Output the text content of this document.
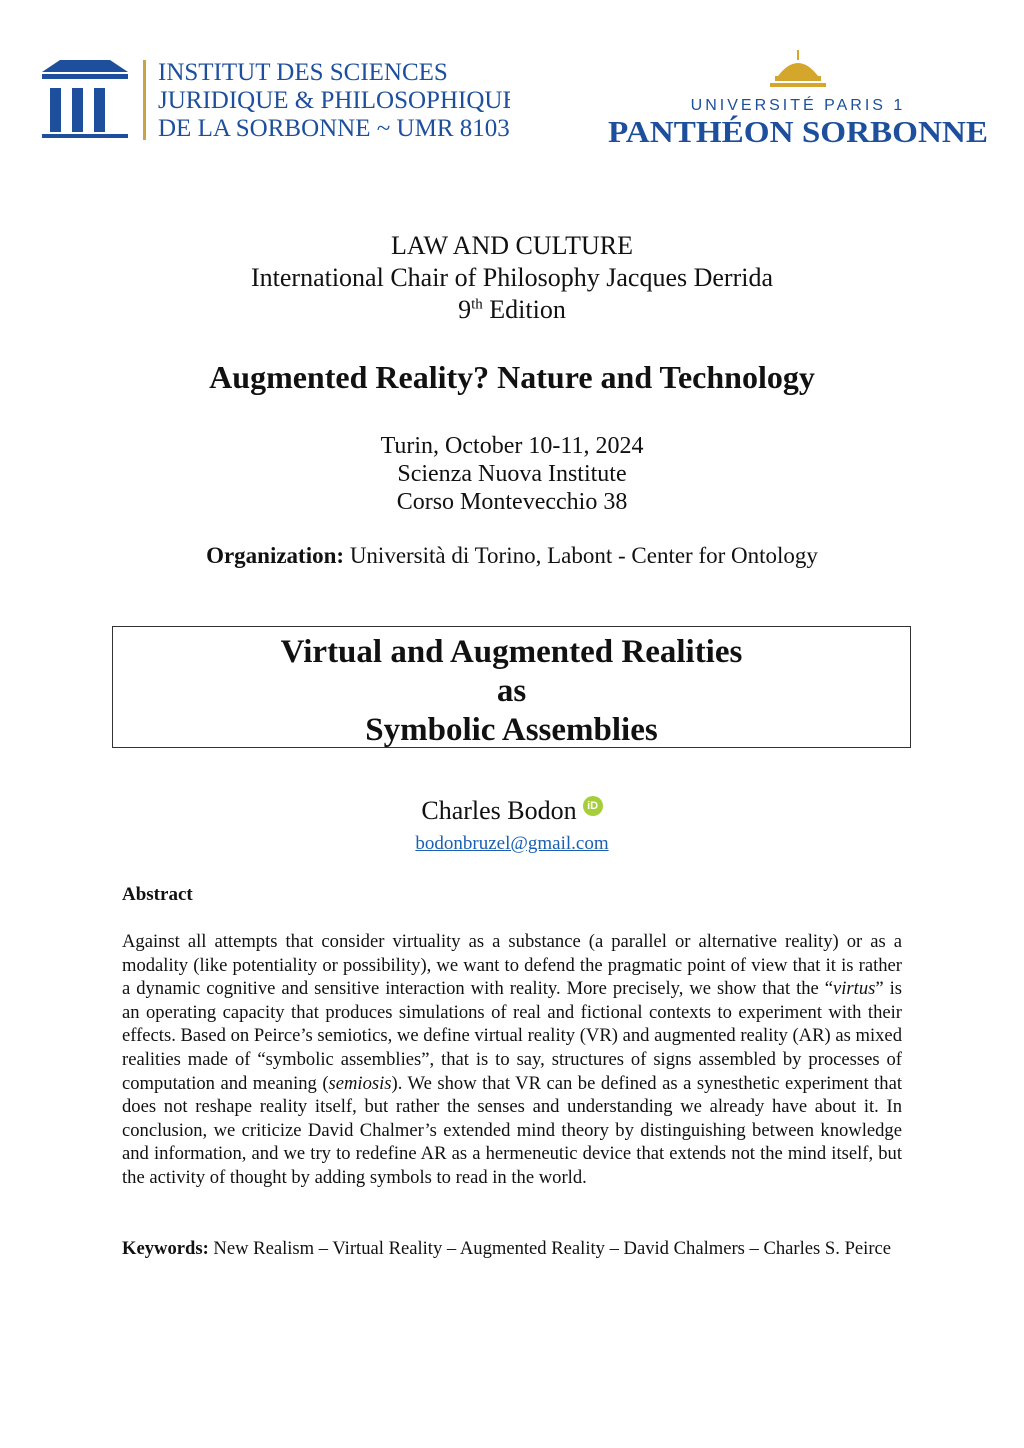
INSTITUT DES SCIENCES
JURIDIQUE & PHILOSOPHIQUE
DE LA SORBONNE ~ UMR 8103
UNIVERSITÉ PARIS 1
PANTHÉON SORBONNE
LAW AND CULTURE
International Chair of Philosophy Jacques Derrida
9th Edition
Augmented Reality? Nature and Technology
Turin, October 10-11, 2024
Scienza Nuova Institute
Corso Montevecchio 38
Organization: Università di Torino, Labont - Center for Ontology
Virtual and Augmented Realities
as
Symbolic Assemblies
Charles Bodon iD
bodonbruzel@gmail.com
Abstract
Against all attempts that consider virtuality as a substance (a parallel or alternative reality) or as a modality (like potentiality or possibility), we want to defend the pragmatic point of view that it is rather a dynamic cognitive and sensitive interaction with reality. More precisely, we show that the “virtus” is an operating capacity that produces simulations of real and fictional contexts to experiment with their effects. Based on Peirce’s semiotics, we define virtual reality (VR) and augmented reality (AR) as mixed realities made of “symbolic assemblies”, that is to say, structures of signs assembled by processes of computation and meaning (semiosis). We show that VR can be defined as a synesthetic experiment that does not reshape reality itself, but rather the senses and understanding we already have about it. In conclusion, we criticize David Chalmer’s extended mind theory by distinguishing between knowledge and information, and we try to redefine AR as a hermeneutic device that extends not the mind itself, but the activity of thought by adding symbols to read in the world.
Keywords: New Realism – Virtual Reality – Augmented Reality – David Chalmers – Charles S. Peirce
